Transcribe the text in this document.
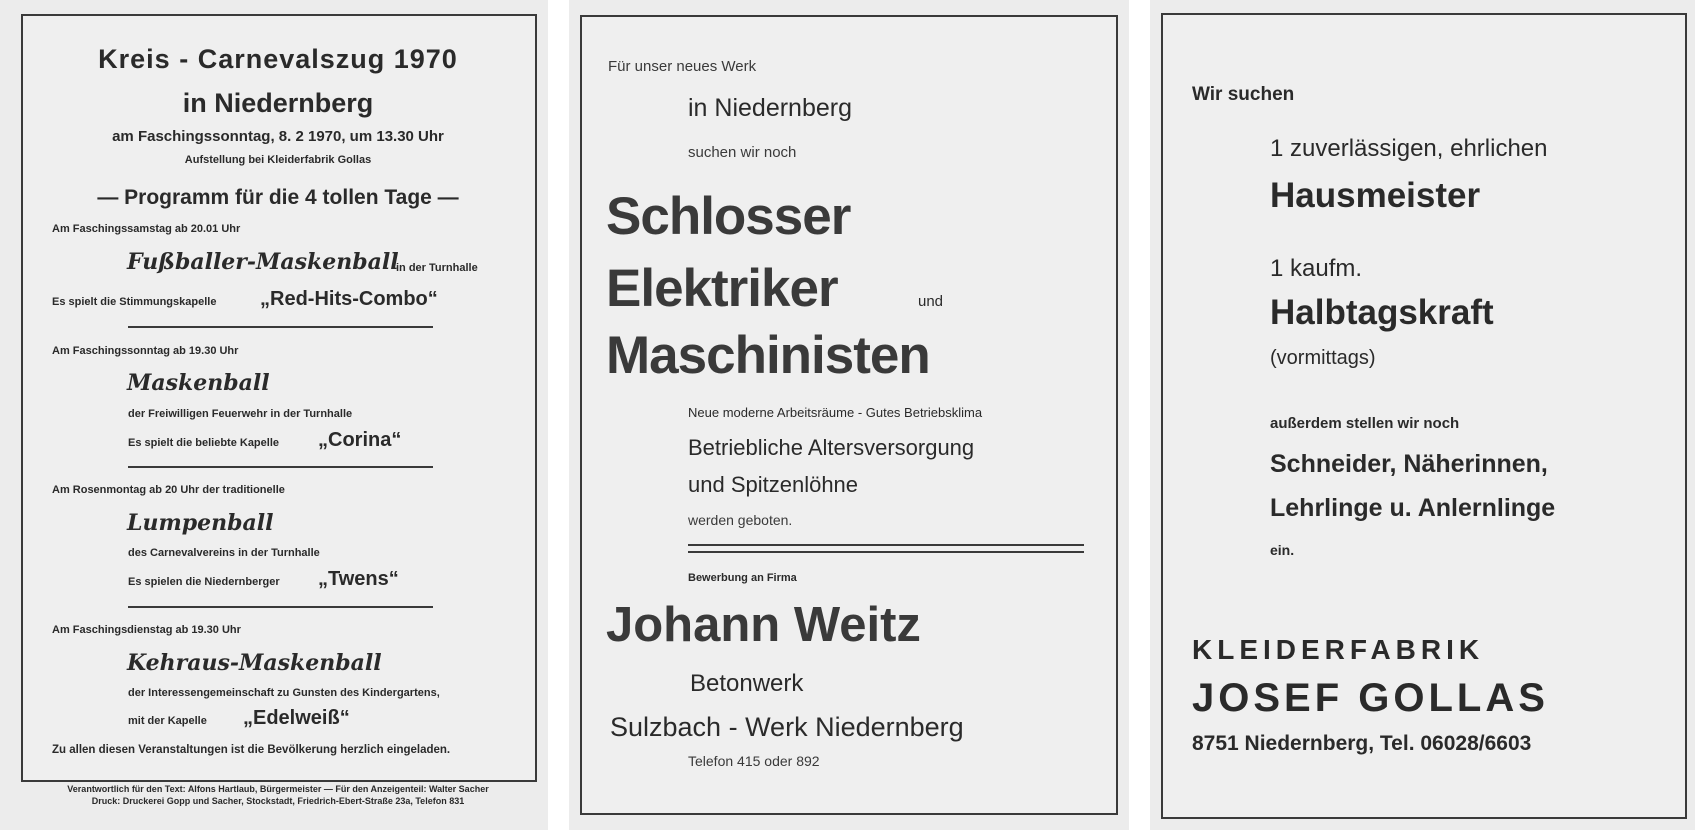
Kreis - Carnevalszug 1970
in Niedernberg
am Faschingssonntag, 8. 2 1970, um 13.30 Uhr
Aufstellung bei Kleiderfabrik Gollas
— Programm für die 4 tollen Tage —
Am Faschingssamstag ab 20.01 Uhr
Fußballer-Maskenball
in der Turnhalle
Es spielt die Stimmungskapelle „Red-Hits-Combo“
Am Faschingssonntag ab 19.30 Uhr
Maskenball
der Freiwilligen Feuerwehr in der Turnhalle
Es spielt die beliebte Kapelle „Corina“
Am Rosenmontag ab 20 Uhr der traditionelle
Lumpenball
des Carnevalvereins in der Turnhalle
Es spielen die Niedernberger „Twens“
Am Faschingsdienstag ab 19.30 Uhr
Kehraus-Maskenball
der Interessengemeinschaft zu Gunsten des Kindergartens,
mit der Kapelle „Edelweiß“
Zu allen diesen Veranstaltungen ist die Bevölkerung herzlich eingeladen.
Verantwortlich für den Text: Alfons Hartlaub, Bürgermeister — Für den Anzeigenteil: Walter Sacher
Druck: Druckerei Gopp und Sacher, Stockstadt, Friedrich-Ebert-Straße 23a, Telefon 831
Für unser neues Werk
in Niedernberg
suchen wir noch
Schlosser
Elektriker	und
Maschinisten
Neue moderne Arbeitsräume - Gutes Betriebsklima
Betriebliche Altersversorgung
und Spitzenlöhne
werden geboten.
Bewerbung an Firma
Johann Weitz
Betonwerk
Sulzbach - Werk Niedernberg
Telefon 415 oder 892
Wir suchen
1 zuverlässigen, ehrlichen
Hausmeister
1 kaufm.
Halbtagskraft
(vormittags)
außerdem stellen wir noch
Schneider, Näherinnen,
Lehrlinge u. Anlernlinge
ein.
KLEIDERFABRIK
JOSEF GOLLAS
8751 Niedernberg, Tel. 06028/6603
